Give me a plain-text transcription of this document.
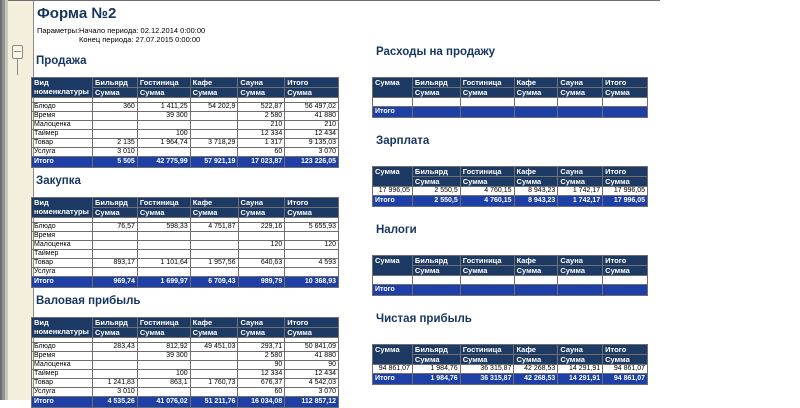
Форма №2
Параметры: Начало периода: 02.12.2014 0:00:00
Конец периода: 27.07.2015 0:00:00
Продажа
Вид номенклатуры	Бильярд	Гостиница	Кафе	Сауна	Итого
	Сумма	Сумма	Сумма	Сумма	Сумма

Блюдо	360	1 411,25	54 202,9	522,87	56 497,02
Время		39 300		2 580	41 880
Малоценка				210	210
Таймер		100		12 334	12 434
Товар	2 135	1 964,74	3 718,29	1 317	9 135,03
Услуга	3 010			60	3 070
Итого	5 505	42 775,99	57 921,19	17 023,87	123 226,05
Закупка
Вид номенклатуры	Бильярд	Гостиница	Кафе	Сауна	Итого
	Сумма	Сумма	Сумма	Сумма	Сумма

Блюдо	76,57	598,33	4 751,87	229,16	5 655,93
Время					
Малоценка				120	120
Таймер					
Товар	893,17	1 101,64	1 957,56	640,63	4 593
Услуга					
Итого	969,74	1 699,97	6 709,43	989,79	10 368,93
Валовая прибыль
Вид номенклатуры	Бильярд	Гостиница	Кафе	Сауна	Итого
	Сумма	Сумма	Сумма	Сумма	Сумма

Блюдо	283,43	812,92	49 451,03	293,71	50 841,09
Время		39 300		2 580	41 880
Малоценка				90	90
Таймер		100		12 334	12 434
Товар	1 241,83	863,1	1 760,73	676,37	4 542,03
Услуга	3 010			60	3 070
Итого	4 535,26	41 076,02	51 211,76	16 034,08	112 857,12
Расходы на продажу
Сумма	Бильярд	Гостиница	Кафе	Сауна	Итого
	Сумма	Сумма	Сумма	Сумма	Сумма

Итого					
Зарплата
Сумма	Бильярд	Гостиница	Кафе	Сауна	Итого
	Сумма	Сумма	Сумма	Сумма	Сумма
17 996,05	2 550,5	4 760,15	8 943,23	1 742,17	17 996,05
Итого	2 550,5	4 760,15	8 943,23	1 742,17	17 996,05
Налоги
Сумма	Бильярд	Гостиница	Кафе	Сауна	Итого
	Сумма	Сумма	Сумма	Сумма	Сумма

Итого					
Чистая прибыль
Сумма	Бильярд	Гостиница	Кафе	Сауна	Итого
	Сумма	Сумма	Сумма	Сумма	Сумма
94 861,07	1 984,76	36 315,87	42 268,53	14 291,91	94 861,07
Итого	1 984,76	36 315,87	42 268,53	14 291,91	94 861,07
